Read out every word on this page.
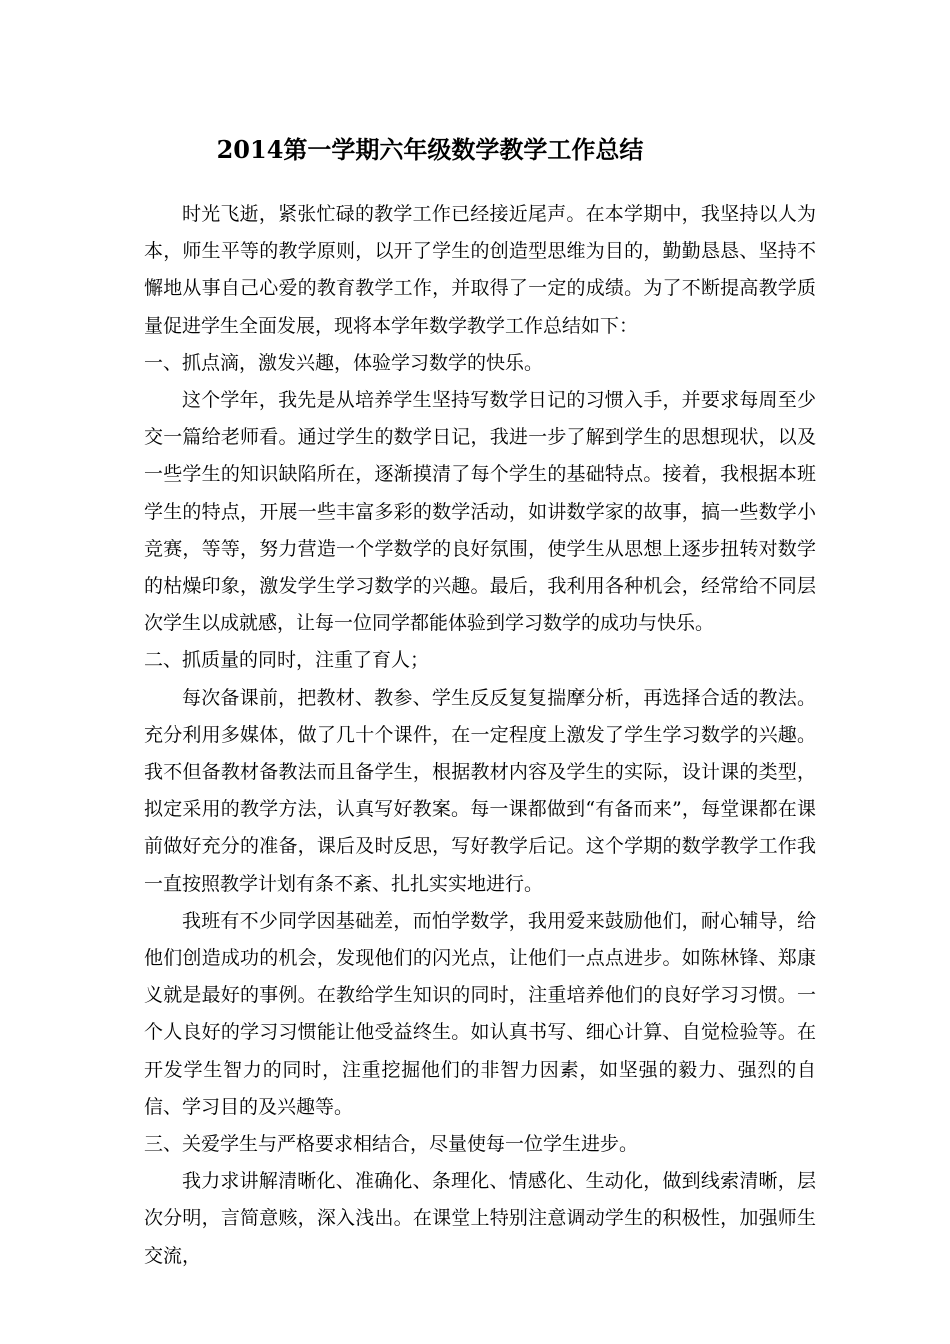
2014第一学期六年级数学教学工作总结

时光飞逝，紧张忙碌的教学工作已经接近尾声。在本学期中，我坚持以人为本，师生平等的教学原则，以开了学生的创造型思维为目的，勤勤恳恳、坚持不懈地从事自己心爱的教育教学工作，并取得了一定的成绩。为了不断提高教学质量促进学生全面发展，现将本学年数学教学工作总结如下：

一、抓点滴，激发兴趣，体验学习数学的快乐。

这个学年，我先是从培养学生坚持写数学日记的习惯入手，并要求每周至少交一篇给老师看。通过学生的数学日记，我进一步了解到学生的思想现状，以及一些学生的知识缺陷所在，逐渐摸清了每个学生的基础特点。接着，我根据本班学生的特点，开展一些丰富多彩的数学活动，如讲数学家的故事，搞一些数学小竞赛，等等，努力营造一个学数学的良好氛围，使学生从思想上逐步扭转对数学的枯燥印象，激发学生学习数学的兴趣。最后，我利用各种机会，经常给不同层次学生以成就感，让每一位同学都能体验到学习数学的成功与快乐。

二、抓质量的同时，注重了育人；

每次备课前，把教材、教参、学生反反复复揣摩分析，再选择合适的教法。充分利用多媒体，做了几十个课件，在一定程度上激发了学生学习数学的兴趣。我不但备教材备教法而且备学生，根据教材内容及学生的实际，设计课的类型，拟定采用的教学方法，认真写好教案。每一课都做到“有备而来”，每堂课都在课前做好充分的准备，课后及时反思，写好教学后记。这个学期的数学教学工作我一直按照教学计划有条不紊、扎扎实实地进行。

我班有不少同学因基础差，而怕学数学，我用爱来鼓励他们，耐心辅导，给他们创造成功的机会，发现他们的闪光点，让他们一点点进步。如陈林锋、郑康义就是最好的事例。在教给学生知识的同时，注重培养他们的良好学习习惯。一个人良好的学习习惯能让他受益终生。如认真书写、细心计算、自觉检验等。在开发学生智力的同时，注重挖掘他们的非智力因素，如坚强的毅力、强烈的自信、学习目的及兴趣等。

三、关爱学生与严格要求相结合，尽量使每一位学生进步。

我力求讲解清晰化、准确化、条理化、情感化、生动化，做到线索清晰，层次分明，言简意赅，深入浅出。在课堂上特别注意调动学生的积极性，加强师生交流，
